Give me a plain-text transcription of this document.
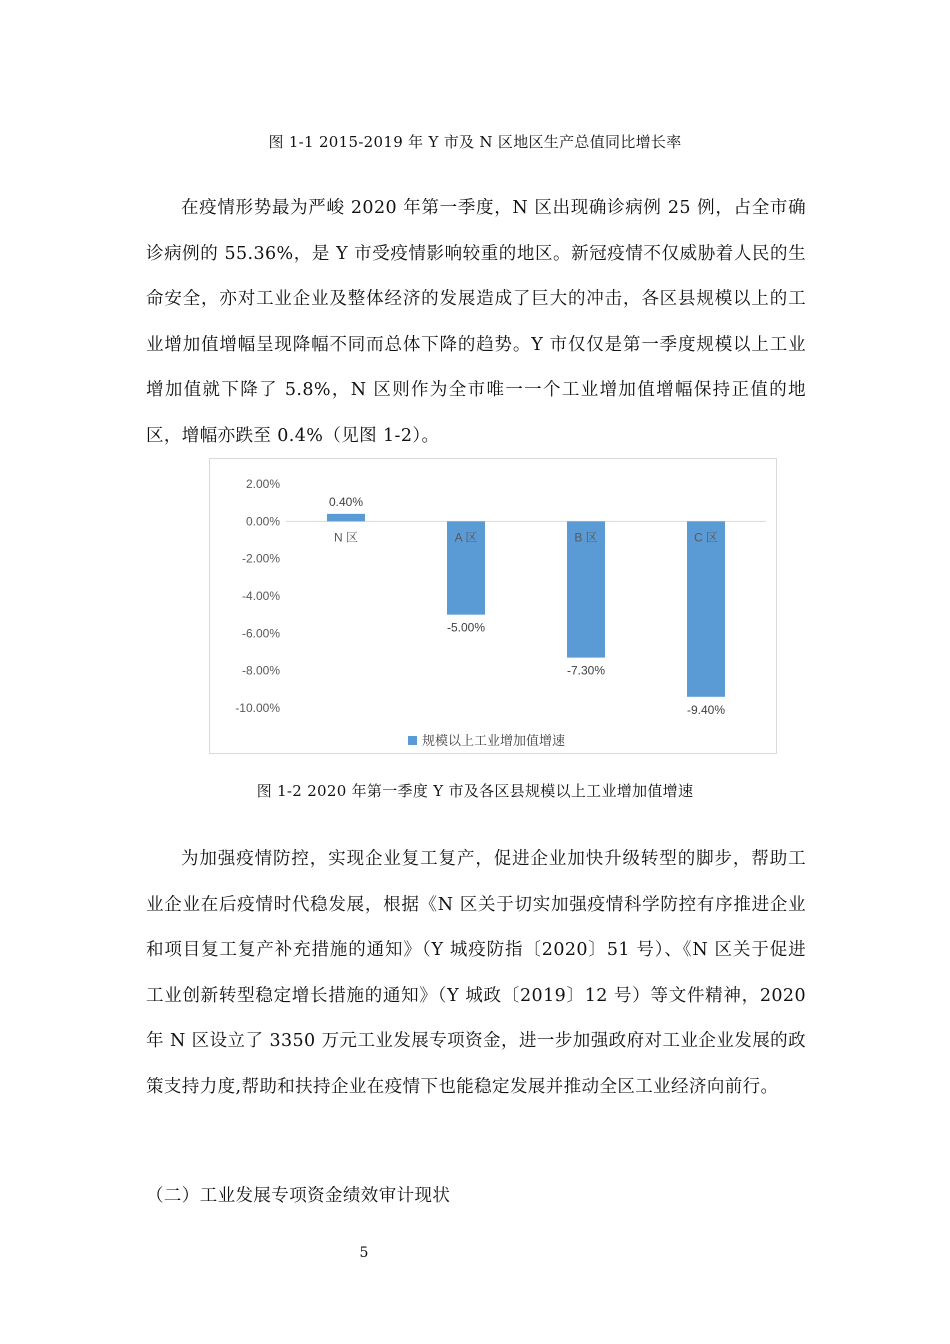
图 1-1 2015-2019 年 Y 市及 N 区地区生产总值同比增长率

在疫情形势最为严峻 2020 年第一季度，N 区出现确诊病例 25 例，占全市确诊病例的 55.36%，是 Y 市受疫情影响较重的地区。新冠疫情不仅威胁着人民的生命安全，亦对工业企业及整体经济的发展造成了巨大的冲击，各区县规模以上的工业增加值增幅呈现降幅不同而总体下降的趋势。Y 市仅仅是第一季度规模以上工业增加值就下降了 5.8%，N 区则作为全市唯一一个工业增加值增幅保持正值的地区，增幅亦跌至 0.4%（见图 1-2）。

2.00%
0.00%
-2.00%
-4.00%
-6.00%
-8.00%
-10.00%
N 区
0.40%
A 区
-5.00%
B 区
-7.30%
C 区
-9.40%
规模以上工业增加值增速
图 1-2 2020 年第一季度 Y 市及各区县规模以上工业增加值增速

为加强疫情防控，实现企业复工复产，促进企业加快升级转型的脚步，帮助工业企业在后疫情时代稳发展，根据《N 区关于切实加强疫情科学防控有序推进企业和项目复工复产补充措施的通知》（Y 城疫防指〔2020〕51 号）、《N 区关于促进工业创新转型稳定增长措施的通知》（Y 城政〔2019〕12 号）等文件精神，2020 年 N 区设立了 3350 万元工业发展专项资金，进一步加强政府对工业企业发展的政策支持力度,帮助和扶持企业在疫情下也能稳定发展并推动全区工业经济向前行。

（二）工业发展专项资金绩效审计现状

5
